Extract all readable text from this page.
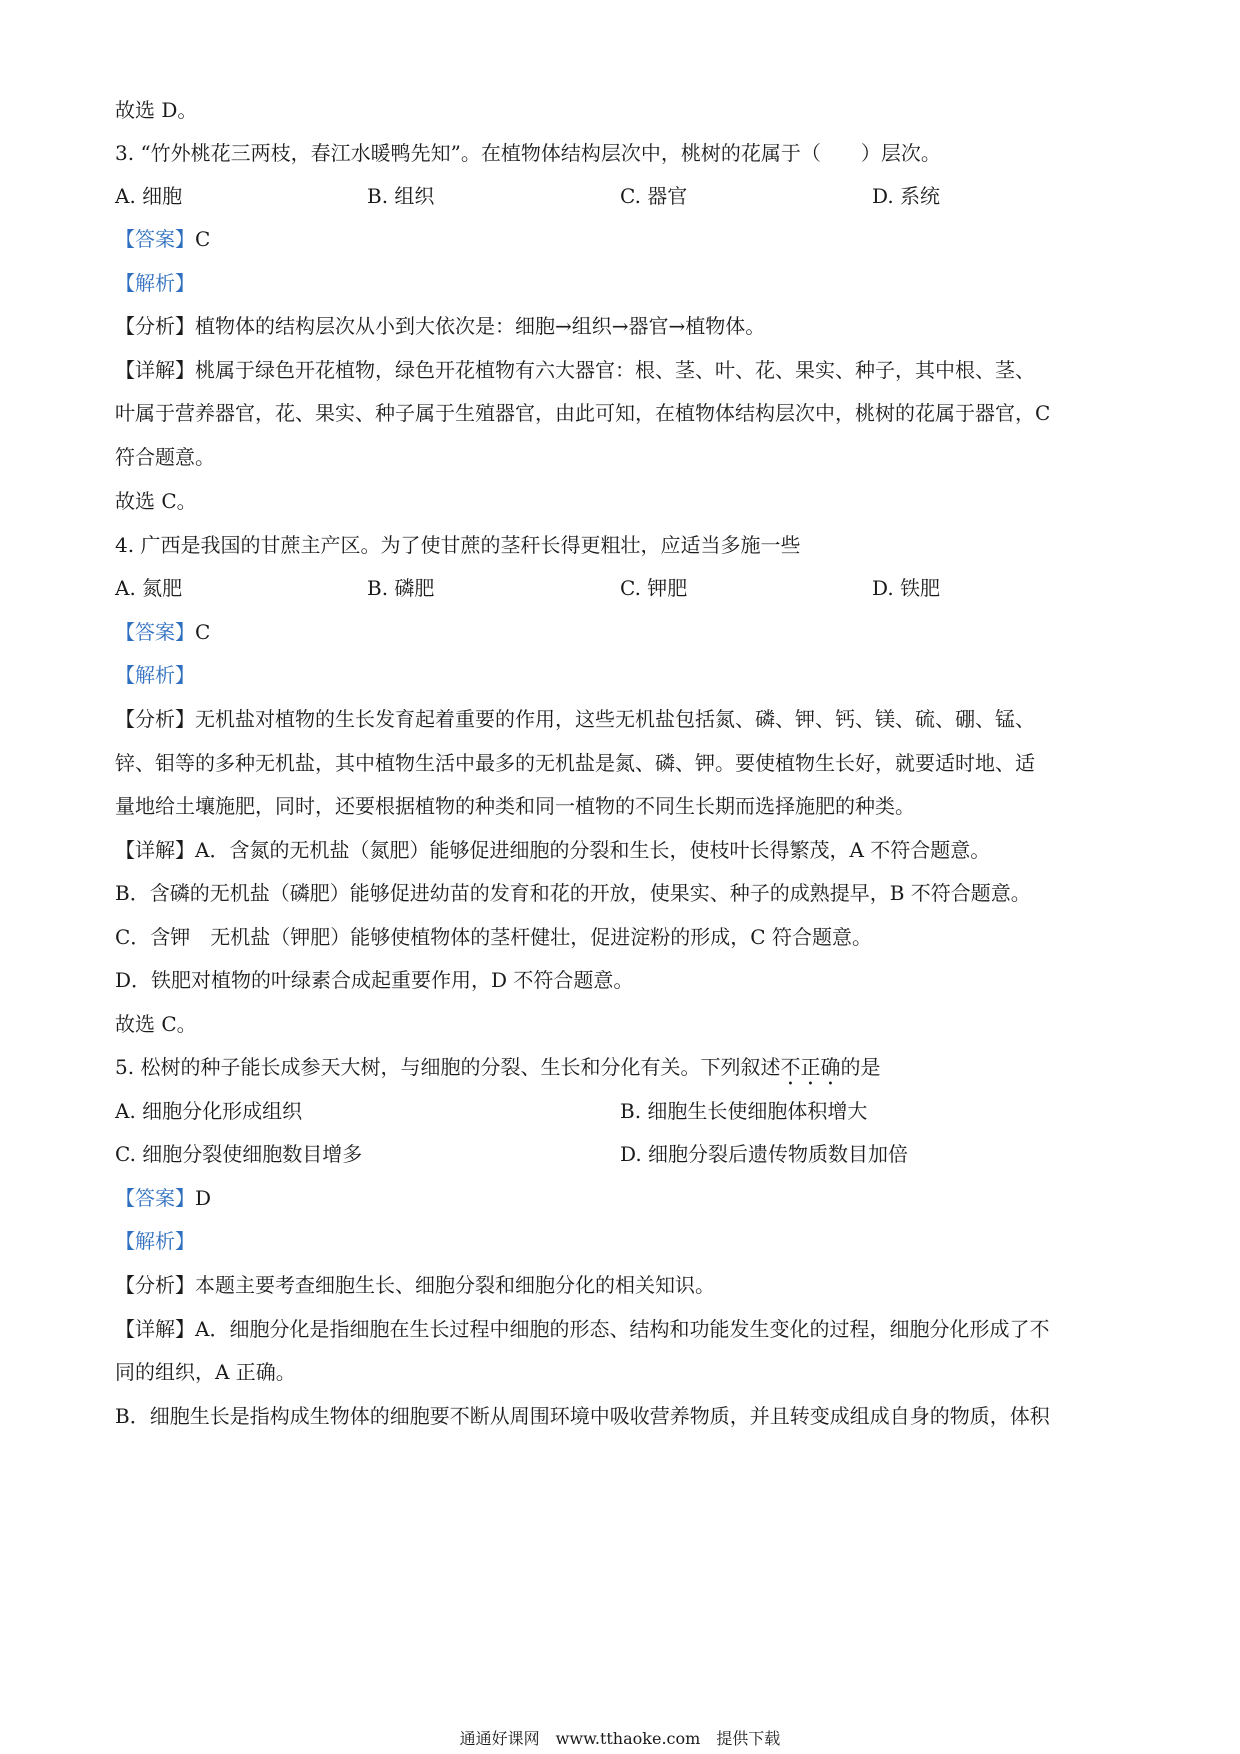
故选 D。
3. “竹外桃花三两枝，春江水暖鸭先知”。在植物体结构层次中，桃树的花属于（　　）层次。
A. 细胞	B. 组织	C. 器官	D. 系统
【答案】C
【解析】
【分析】植物体的结构层次从小到大依次是：细胞→组织→器官→植物体。
【详解】桃属于绿色开花植物，绿色开花植物有六大器官：根、茎、叶、花、果实、种子，其中根、茎、
叶属于营养器官，花、果实、种子属于生殖器官，由此可知，在植物体结构层次中，桃树的花属于器官，C
符合题意。
故选 C。
4. 广西是我国的甘蔗主产区。为了使甘蔗的茎秆长得更粗壮，应适当多施一些
A. 氮肥	B. 磷肥	C. 钾肥	D. 铁肥
【答案】C
【解析】
【分析】无机盐对植物的生长发育起着重要的作用，这些无机盐包括氮、磷、钾、钙、镁、硫、硼、锰、
锌、钼等的多种无机盐，其中植物生活中最多的无机盐是氮、磷、钾。要使植物生长好，就要适时地、适
量地给土壤施肥，同时，还要根据植物的种类和同一植物的不同生长期而选择施肥的种类。
【详解】A．含氮的无机盐（氮肥）能够促进细胞的分裂和生长，使枝叶长得繁茂，A 不符合题意。
B．含磷的无机盐（磷肥）能够促进幼苗的发育和花的开放，使果实、种子的成熟提早，B 不符合题意。
C．含钾　无机盐（钾肥）能够使植物体的茎杆健壮，促进淀粉的形成，C 符合题意。
D．铁肥对植物的叶绿素合成起重要作用，D 不符合题意。
故选 C。
5. 松树的种子能长成参天大树，与细胞的分裂、生长和分化有关。下列叙述不正确的是
A. 细胞分化形成组织	B. 细胞生长使细胞体积增大
C. 细胞分裂使细胞数目增多	D. 细胞分裂后遗传物质数目加倍
【答案】D
【解析】
【分析】本题主要考查细胞生长、细胞分裂和细胞分化的相关知识。
【详解】A．细胞分化是指细胞在生长过程中细胞的形态、结构和功能发生变化的过程，细胞分化形成了不
同的组织，A 正确。
B．细胞生长是指构成生物体的细胞要不断从周围环境中吸收营养物质，并且转变成组成自身的物质，体积
通通好课网　www.tthaoke.com　提供下载
